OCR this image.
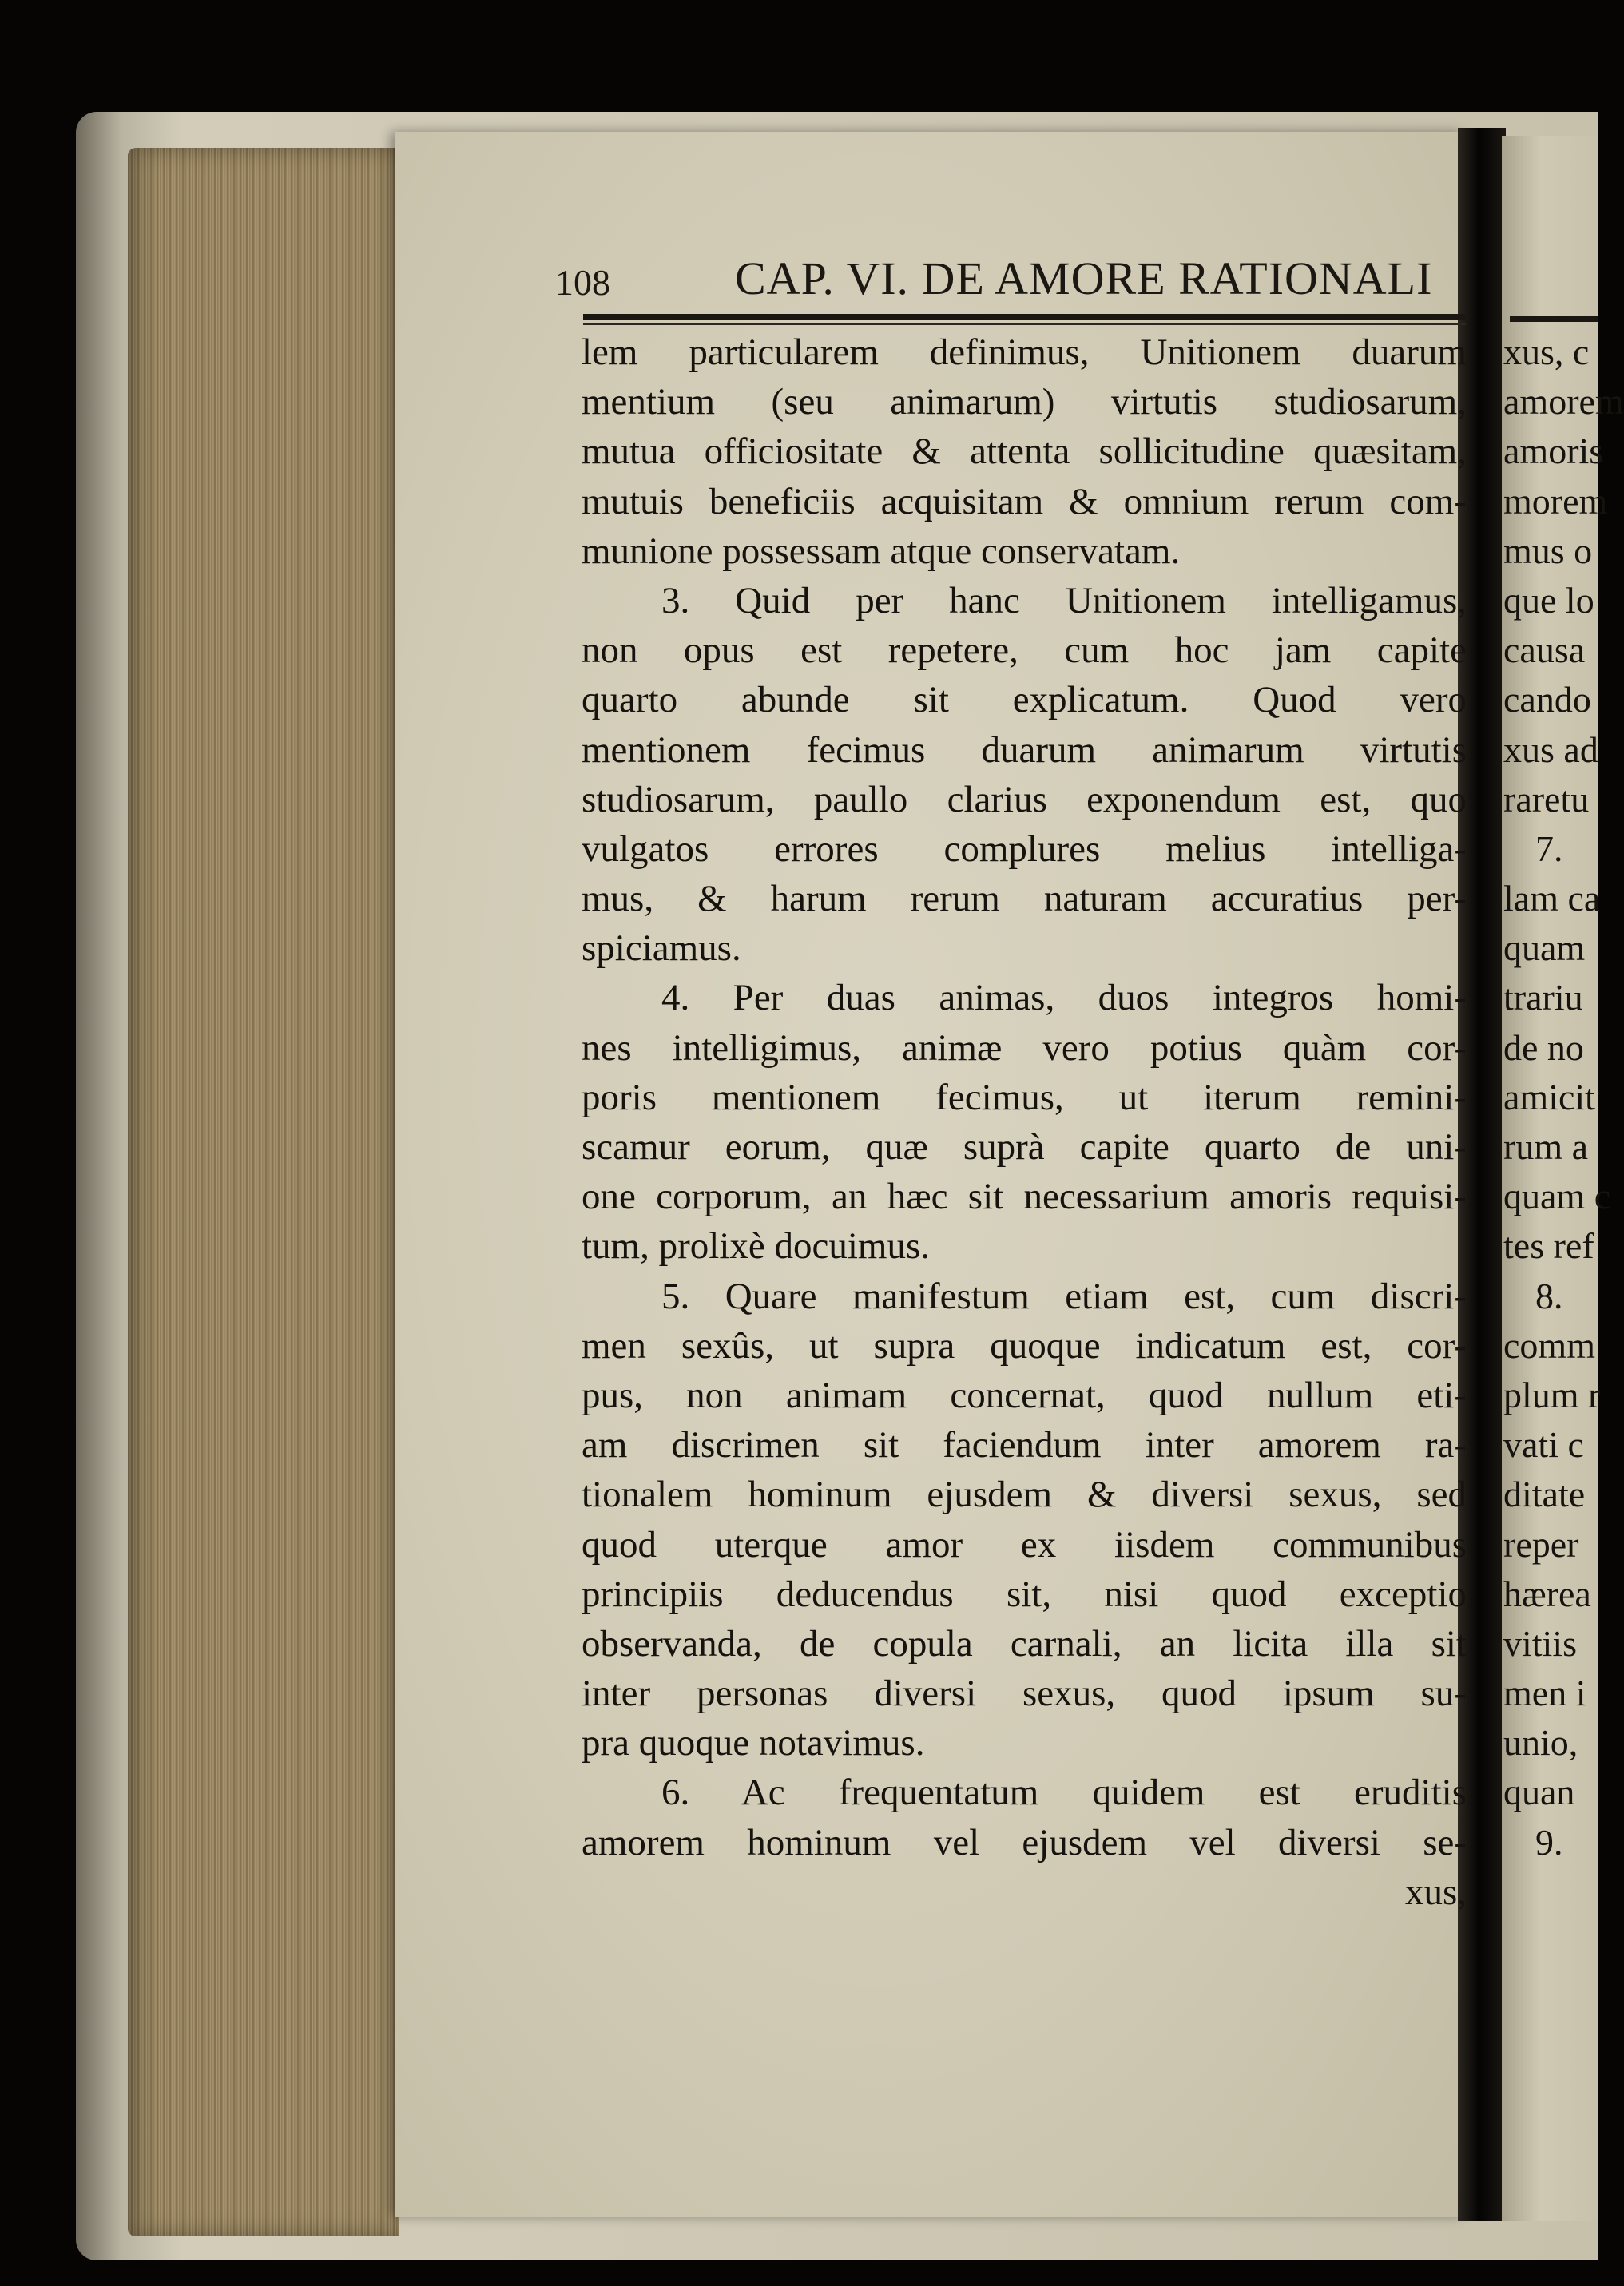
108	CAP. VI. DE AMORE RATIONALI
lem particularem definimus, Unitionem duarum
mentium (seu animarum) virtutis studiosarum,
mutua officiositate & attenta sollicitudine quæsitam,
mutuis beneficiis acquisitam & omnium rerum com-
munione possessam atque conservatam.
3. Quid per hanc Unitionem intelligamus,
non opus est repetere, cum hoc jam capite
quarto abunde sit explicatum. Quod vero
mentionem fecimus duarum animarum virtutis
studiosarum, paullo clarius exponendum est, quo
vulgatos errores complures melius intelliga-
mus, & harum rerum naturam accuratius per-
spiciamus.
4. Per duas animas, duos integros homi-
nes intelligimus, animæ vero potius quàm cor-
poris mentionem fecimus, ut iterum remini-
scamur eorum, quæ suprà capite quarto de uni-
one corporum, an hæc sit necessarium amoris requisi-
tum, prolixè docuimus.
5. Quare manifestum etiam est, cum discri-
men sexûs, ut supra quoque indicatum est, cor-
pus, non animam concernat, quod nullum eti-
am discrimen sit faciendum inter amorem ra-
tionalem hominum ejusdem & diversi sexus, sed
quod uterque amor ex iisdem communibus
principiis deducendus sit, nisi quod exceptio
observanda, de copula carnali, an licita illa sit
inter personas diversi sexus, quod ipsum su-
pra quoque notavimus.
6. Ac frequentatum quidem est eruditis
amorem hominum vel ejusdem vel diversi se-
xus,
xus, c
amorem
amoris
morem
mus o
que lo
causa
cando
xus ad
raretu
7.
lam ca
quam
trariu
de no
amicit
rum a
quam c
tes ref
8.
comm
plum r
vati c
ditate
reper
hærea
vitiis
men i
unio,
quan
9.
